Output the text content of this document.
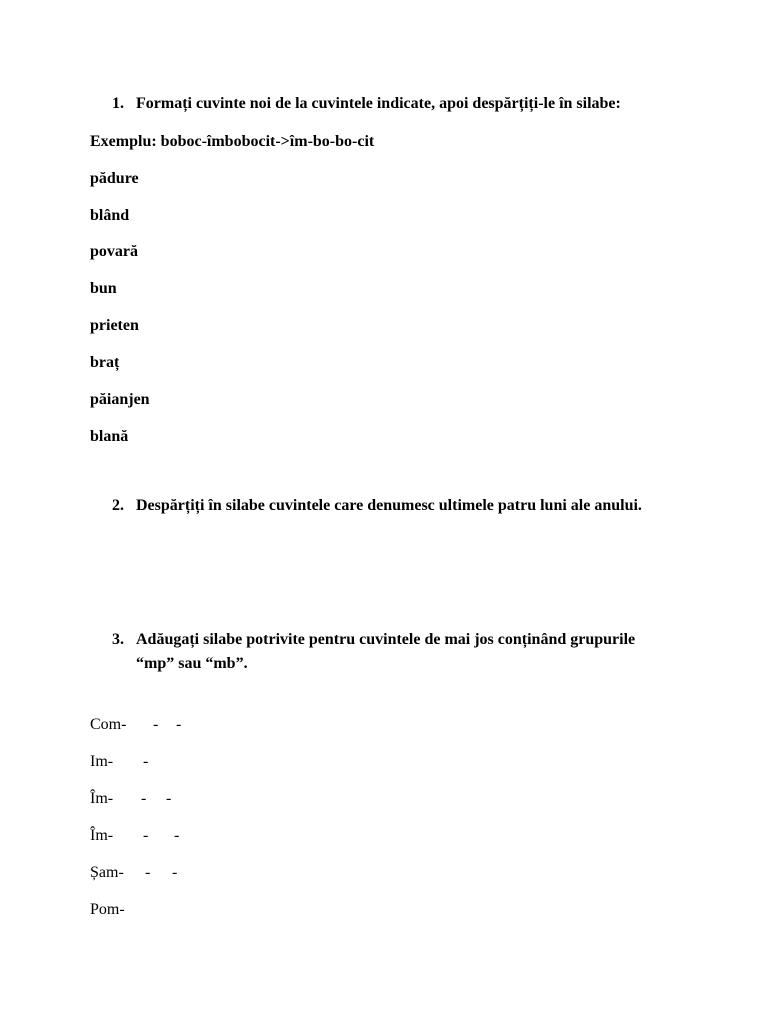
1. Formați cuvinte noi de la cuvintele indicate, apoi despărțiți-le în silabe:
Exemplu: boboc-îmbobocit->îm-bo-bo-cit
pădure
blând
povară
bun
prieten
braț
păianjen
blană
2. Despărțiți în silabe cuvintele care denumesc ultimele patru luni ale anului.
3. Adăugați silabe potrivite pentru cuvintele de mai jos conținând grupurile “mp” sau “mb”.
Com- - -
Im- -
Îm- - -
Îm- - -
Șam- - -
Pom-
